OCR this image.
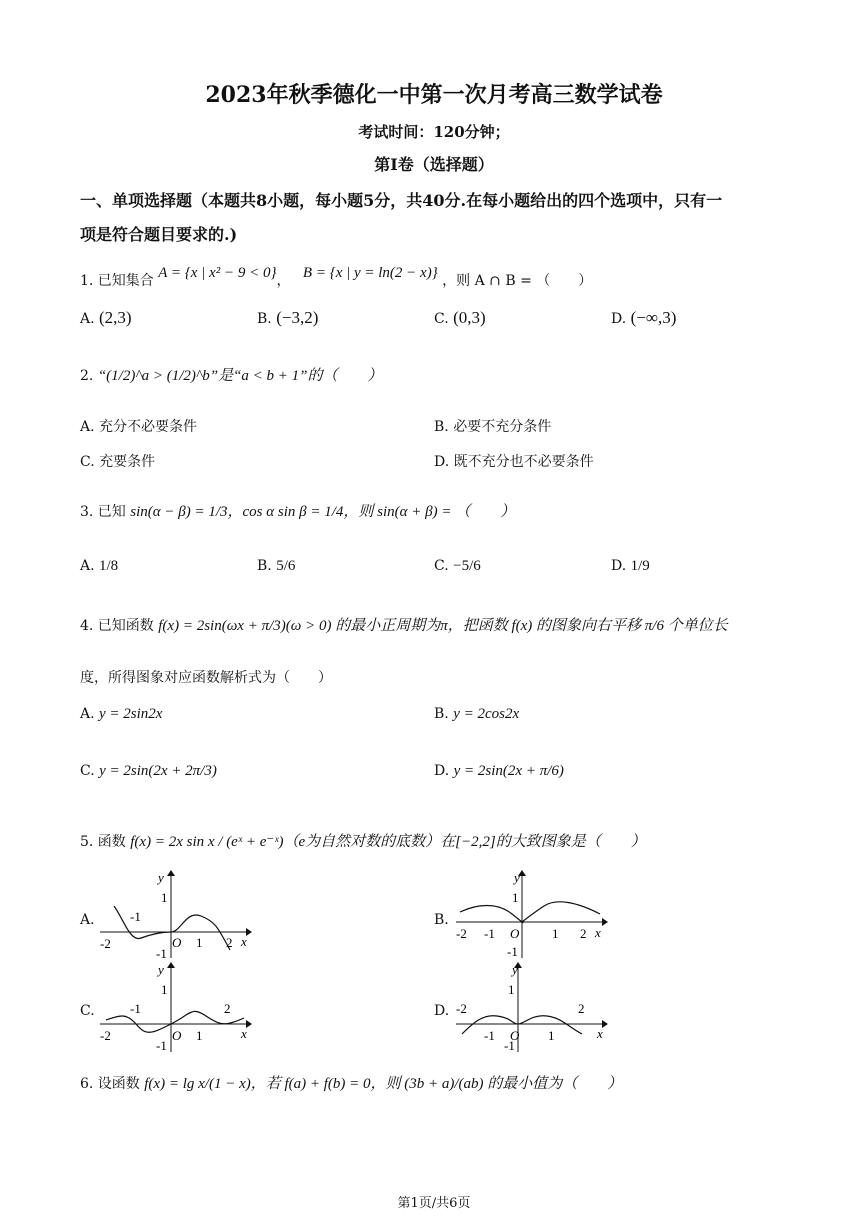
2023年秋季德化一中第一次月考高三数学试卷
考试时间：120分钟；
第I卷（选择题）
一、单项选择题（本题共8小题，每小题5分，共40分.在每小题给出的四个选项中，只有一
项是符合题目要求的.)
1. 已知集合 A = {x | x² − 9 < 0}， B = {x | y = ln(2 − x)} ，则 A ∩ B = （　　）
A. (2,3)	B. (−3,2)	C. (0,3)	D. (−∞,3)
2. “(1/2)^a > (1/2)^b”是“a < b + 1”的（　　）
A. 充分不必要条件	B. 必要不充分条件
C. 充要条件	D. 既不充分也不必要条件
3. 已知 sin(α − β) = 1/3，cos α sin β = 1/4，则 sin(α + β) = （　　）
A. 1/8	B. 5/6	C. −5/6	D. 1/9
4. 已知函数 f(x) = 2sin(ωx + π/3)(ω > 0) 的最小正周期为π，把函数 f(x) 的图象向右平移 π/6 个单位长
度，所得图象对应函数解析式为（　　）
A. y = 2sin2x	B. y = 2cos2x
C. y = 2sin(2x + 2π/3)	D. y = 2sin(2x + π/6)
5. 函数 f(x) = 2x sin x / (eˣ + e⁻ˣ)（e为自然对数的底数）在[−2,2]的大致图象是（　　）
A.	B.
C.	D.
y
1
-1
-2	O 1 2 x
-1
y
1
-2 -1 O	1 2 x
-1
y
1
-1	2
-2	O 1	x
-1
y
1
-2	2
-1 O 1	x
-1
6. 设函数 f(x) = lg x/(1 − x)，若 f(a) + f(b) = 0，则 (3b + a)/(ab) 的最小值为（　　）
第1页/共6页
